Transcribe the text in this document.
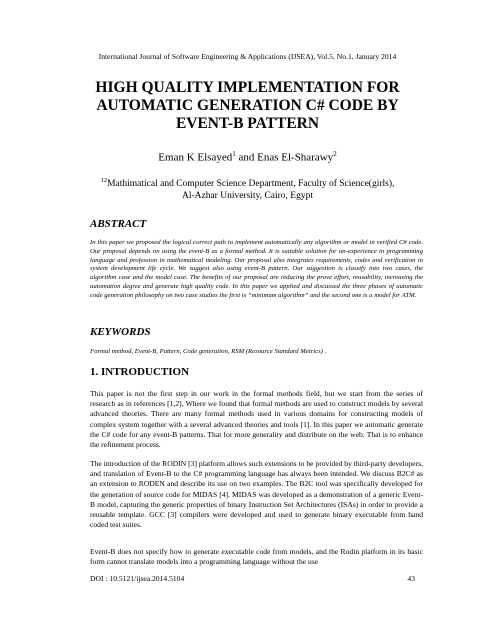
International Journal of Software Engineering & Applications (IJSEA), Vol.5, No.1, January 2014
HIGH QUALITY IMPLEMENTATION FOR
AUTOMATIC GENERATION C# CODE BY
EVENT-B PATTERN
Eman K Elsayed$^1$ and Enas El-Sharawy$^2$
$^{12}$Mathimatical and Computer Science Department, Faculty of Science(girls),
Al-Azhar University, Cairo, Egypt
ABSTRACT
In this paper we proposed the logical correct path to implement automatically any algorithm or model in verified C# code. Our proposal depends on using the event-B as a formal method. It is suitable solution for un-experience in programming language and profession in mathematical modeling. Our proposal also integrates requirements, codes and verification in system development life cycle. We suggest also using event-B pattern. Our suggestion is classify into two cases, the algorithm case and the model case. The benefits of our proposal are reducing the prove effort, reusability, increasing the automation degree and generate high quality code. In this paper we applied and discussed the three phases of automatic code generation philosophy on two case studies the first is “minimum algorithm” and the second one is a model for ATM.
KEYWORDS
Formal method, Event-B, Pattern, Code generation, RSM (Resource Standard Metrics) .
1. INTRODUCTION
This paper is not the first step in our work in the formal methods field, but we start from the series of research as in references [1,2], Where we found that formal methods are used to construct models by several advanced theories. There are many formal methods used in various domains for constructing models of complex system together with a several advanced theories and tools [1]. In this paper we automatic generate the C# code for any event-B patterns. That for more generality and distribute on the web. That is to enhance the refinement process.
The introduction of the RODIN [3] platform allows such extensions to be provided by third-party developers, and translation of Event-B to the C# programming language has always been intended. We discuss B2C# as an extension to RODEN and describe its use on two examples. The B2C tool was specifically developed for the generation of source code for MIDAS [4]. MIDAS was developed as a demonstration of a generic Event-B model, capturing the generic properties of binary Instruction Set Architectures (ISAs) in order to provide a reusable template. GCC [3] compilers were developed and used to generate binary executable from hand coded test suites.
Event-B does not specify how to generate executable code from models, and the Rodin platform in its basic form cannot translate models into a programming language without the use
DOI : 10.5121/ijsea.2014.5104	43
